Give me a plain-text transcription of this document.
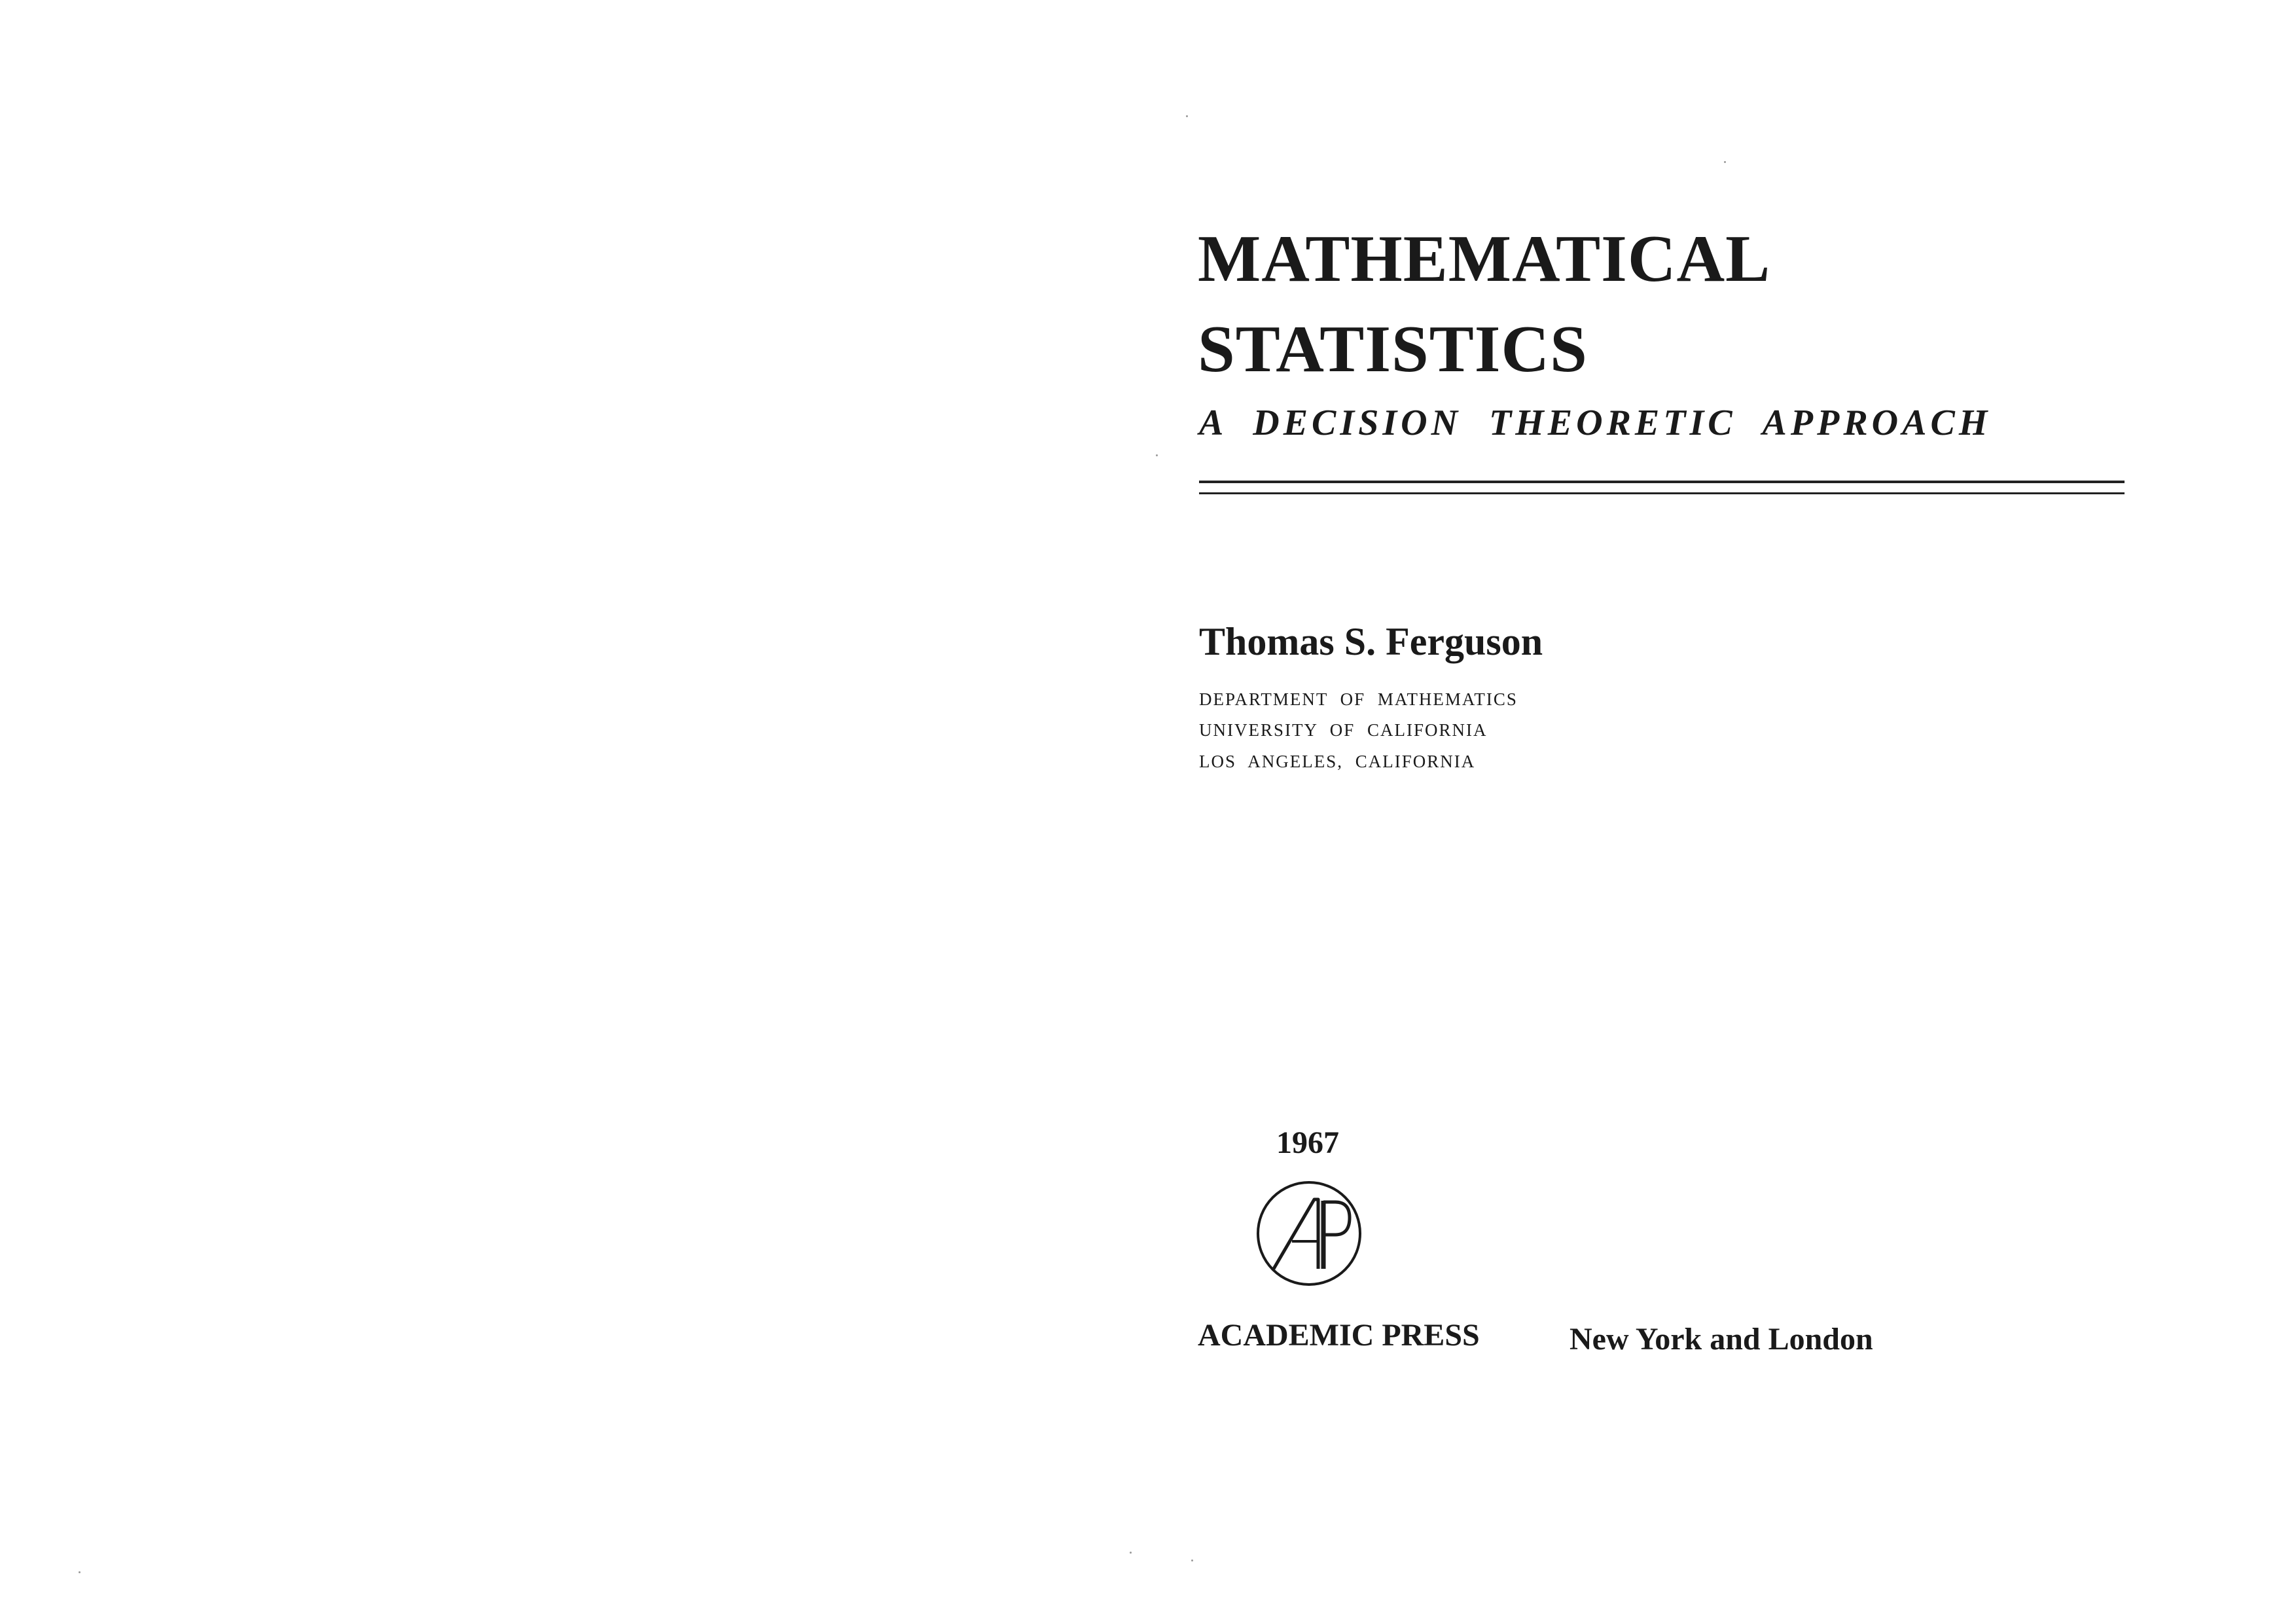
MATHEMATICAL
STATISTICS
A DECISION THEORETIC APPROACH
Thomas S. Ferguson
DEPARTMENT OF MATHEMATICS
UNIVERSITY OF CALIFORNIA
LOS ANGELES, CALIFORNIA
1967
ACADEMIC PRESS	New York and London
